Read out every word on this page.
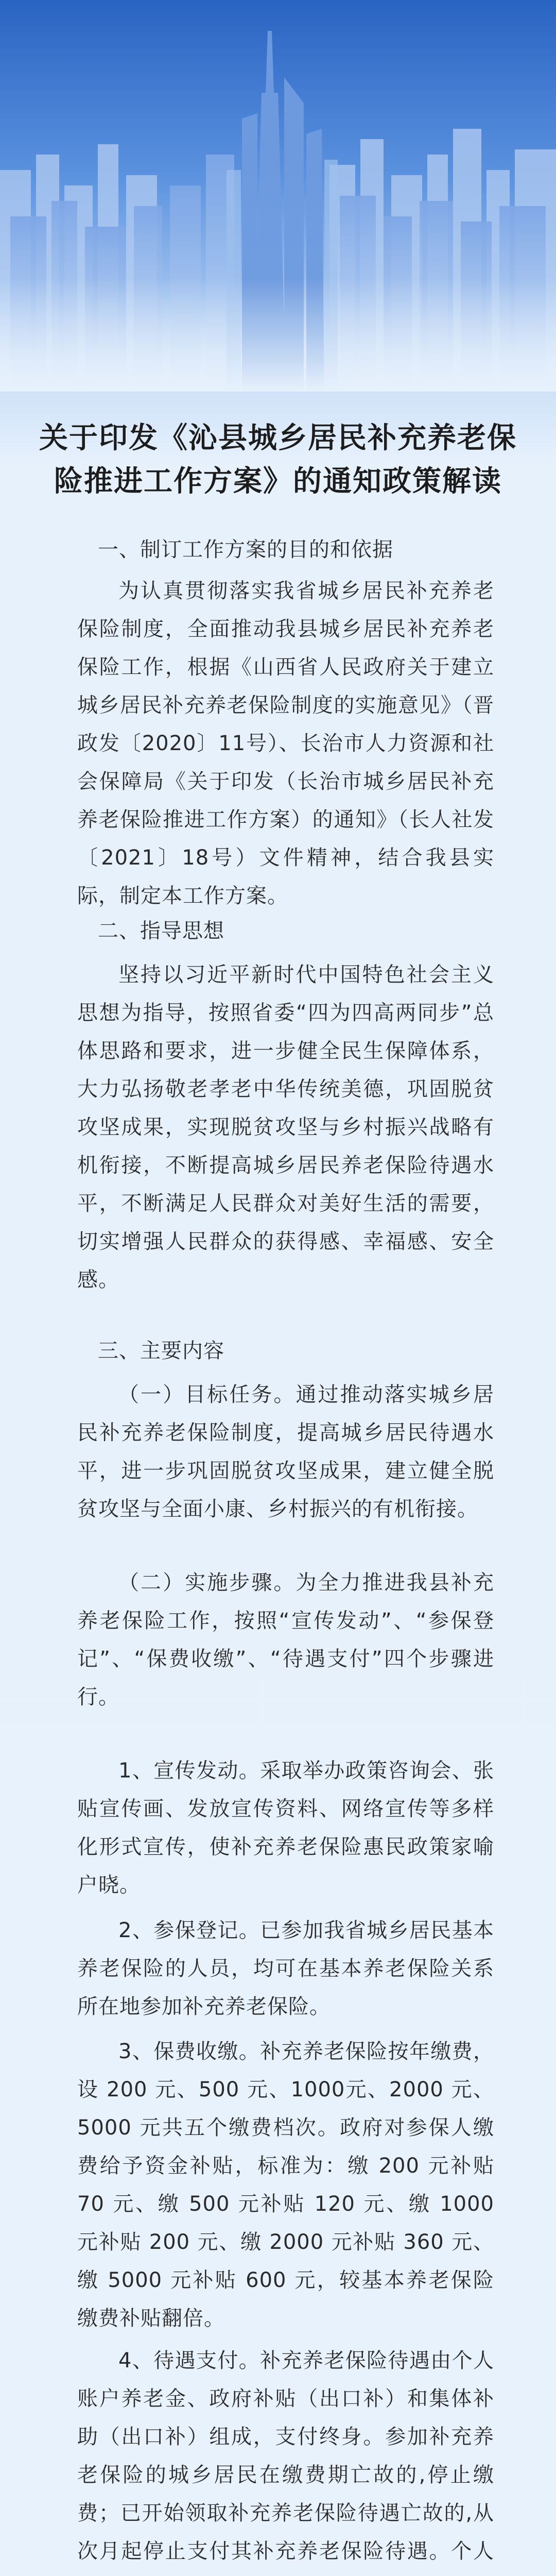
关于印发《沁县城乡居民补充养老保险推进工作方案》的通知政策解读
一、制订工作方案的目的和依据
为认真贯彻落实我省城乡居民补充养老保险制度，全面推动我县城乡居民补充养老保险工作，根据《山西省人民政府关于建立城乡居民补充养老保险制度的实施意见》（晋政发〔2020〕11号）、长治市人力资源和社会保障局《关于印发（长治市城乡居民补充养老保险推进工作方案）的通知》（长人社发〔2021〕18号）文件精神，结合我县实际，制定本工作方案。
二、指导思想
坚持以习近平新时代中国特色社会主义思想为指导，按照省委“四为四高两同步”总体思路和要求，进一步健全民生保障体系，大力弘扬敬老孝老中华传统美德，巩固脱贫攻坚成果，实现脱贫攻坚与乡村振兴战略有机衔接，不断提高城乡居民养老保险待遇水平，不断满足人民群众对美好生活的需要，切实增强人民群众的获得感、幸福感、安全感。
三、主要内容
（一）目标任务。通过推动落实城乡居民补充养老保险制度，提高城乡居民待遇水平，进一步巩固脱贫攻坚成果，建立健全脱贫攻坚与全面小康、乡村振兴的有机衔接。
（二）实施步骤。为全力推进我县补充养老保险工作，按照“宣传发动”、“参保登记”、“保费收缴”、“待遇支付”四个步骤进行。
1、宣传发动。采取举办政策咨询会、张贴宣传画、发放宣传资料、网络宣传等多样化形式宣传，使补充养老保险惠民政策家喻户晓。
2、参保登记。已参加我省城乡居民基本养老保险的人员，均可在基本养老保险关系所在地参加补充养老保险。
3、保费收缴。补充养老保险按年缴费，设 200 元、500 元、1000元、2000 元、5000 元共五个缴费档次。政府对参保人缴费给予资金补贴，标准为：缴 200 元补贴 70 元、缴 500 元补贴 120 元、缴 1000 元补贴 200 元、缴 2000 元补贴 360 元、缴 5000 元补贴 600 元，较基本养老保险缴费补贴翻倍。
4、待遇支付。补充养老保险待遇由个人账户养老金、政府补贴（出口补）和集体补助（出口补）组成，支付终身。参加补充养老保险的城乡居民在缴费期亡故的,停止缴费；已开始领取补充养老保险待遇亡故的,从次月起停止支付其补充养老保险待遇。个人
